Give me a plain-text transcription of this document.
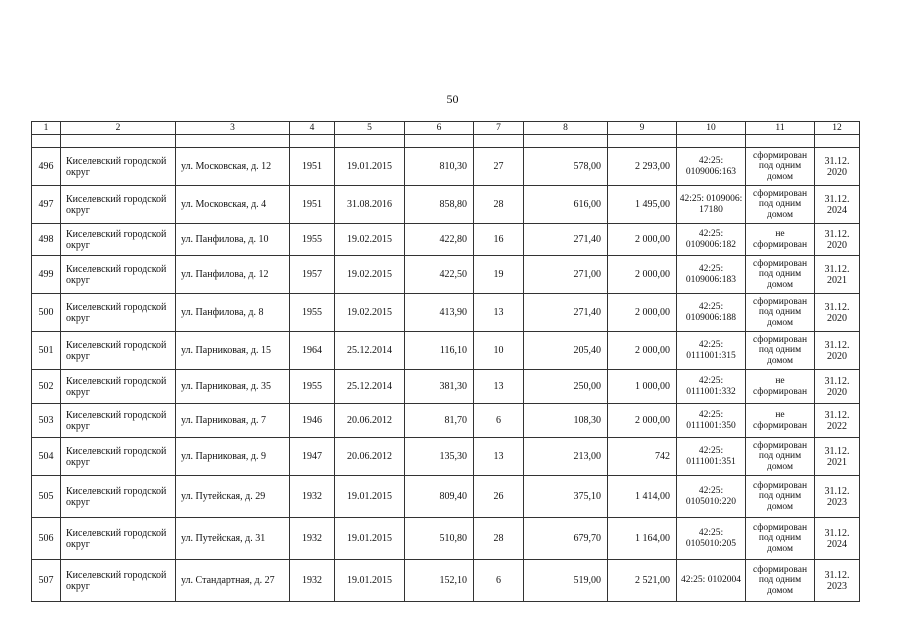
50
1	2	3	4	5	6	7	8	9	10	11	12

496	Киселевский городской округ	ул. Московская, д. 12	1951	19.01.2015	810,30	27	578,00	2 293,00	42:25: 0109006:163	сформирован под одним домом	31.12. 2020
497	Киселевский городской округ	ул. Московская, д. 4	1951	31.08.2016	858,80	28	616,00	1 495,00	42:25: 0109006: 17180	сформирован под одним домом	31.12. 2024
498	Киселевский городской округ	ул. Панфилова, д. 10	1955	19.02.2015	422,80	16	271,40	2 000,00	42:25: 0109006:182	не сформирован	31.12. 2020
499	Киселевский городской округ	ул. Панфилова, д. 12	1957	19.02.2015	422,50	19	271,00	2 000,00	42:25: 0109006:183	сформирован под одним домом	31.12. 2021
500	Киселевский городской округ	ул. Панфилова, д. 8	1955	19.02.2015	413,90	13	271,40	2 000,00	42:25: 0109006:188	сформирован под одним домом	31.12. 2020
501	Киселевский городской округ	ул. Парниковая, д. 15	1964	25.12.2014	116,10	10	205,40	2 000,00	42:25: 0111001:315	сформирован под одним домом	31.12. 2020
502	Киселевский городской округ	ул. Парниковая, д. 35	1955	25.12.2014	381,30	13	250,00	1 000,00	42:25: 0111001:332	не сформирован	31.12. 2020
503	Киселевский городской округ	ул. Парниковая, д. 7	1946	20.06.2012	81,70	6	108,30	2 000,00	42:25: 0111001:350	не сформирован	31.12. 2022
504	Киселевский городской округ	ул. Парниковая, д. 9	1947	20.06.2012	135,30	13	213,00	742	42:25: 0111001:351	сформирован под одним домом	31.12. 2021
505	Киселевский городской округ	ул. Путейская, д. 29	1932	19.01.2015	809,40	26	375,10	1 414,00	42:25: 0105010:220	сформирован под одним домом	31.12. 2023
506	Киселевский городской округ	ул. Путейская, д. 31	1932	19.01.2015	510,80	28	679,70	1 164,00	42:25: 0105010:205	сформирован под одним домом	31.12. 2024
507	Киселевский городской округ	ул. Стандартная, д. 27	1932	19.01.2015	152,10	6	519,00	2 521,00	42:25: 0102004	сформирован под одним домом	31.12. 2023
